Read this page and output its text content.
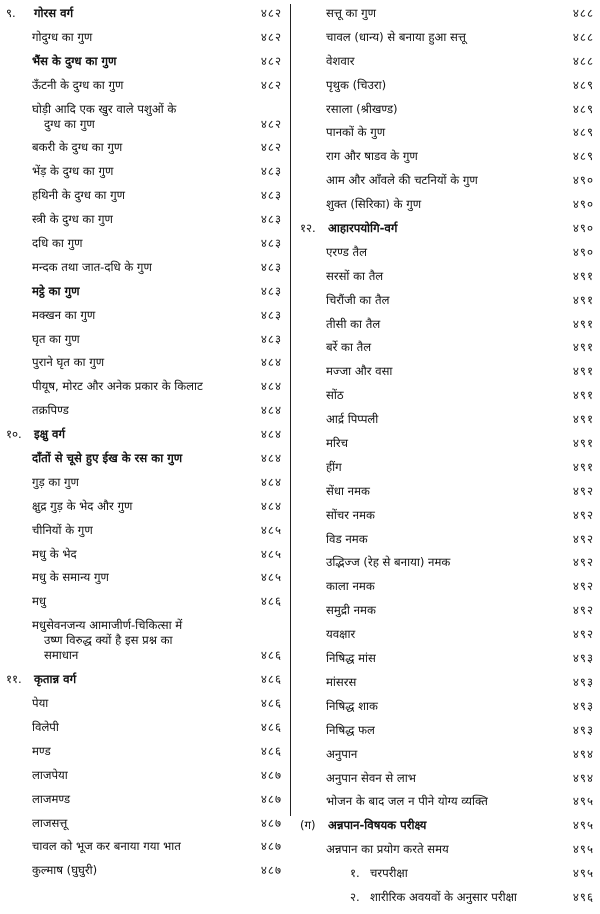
९.	गोरस वर्ग	४८२
गोदुग्ध का गुण	४८२
भैंस के दुग्ध का गुण	४८२
ऊँटनी के दुग्ध का गुण	४८२
घोड़ी आदि एक खुर वाले पशुओं के
दुग्ध का गुण	४८२
बकरी के दुग्ध का गुण	४८२
भेंड़ के दुग्ध का गुण	४८३
हथिनी के दुग्ध का गुण	४८३
स्त्री के दुग्ध का गुण	४८३
दधि का गुण	४८३
मन्दक तथा जात-दधि के गुण	४८३
मट्ठे का गुण	४८३
मक्खन का गुण	४८३
घृत का गुण	४८३
पुराने घृत का गुण	४८४
पीयूष, मोरट और अनेक प्रकार के किलाट	४८४
तक्रपिण्ड	४८४
१०.	इक्षु वर्ग	४८४
दाँतों से चूसे हुए ईख के रस का गुण	४८४
गुड़ का गुण	४८४
क्षुद्र गुड़ के भेद और गुण	४८४
चीनियों के गुण	४८५
मधु के भेद	४८५
मधु के समान्य गुण	४८५
मधु	४८६
मधुसेवनजन्य आमाजीर्ण-चिकित्सा में
उष्ण विरुद्ध क्यों है इस प्रश्न का
समाधान	४८६
११.	कृतान्न वर्ग	४८६
पेया	४८६
विलेपी	४८६
मण्ड	४८६
लाजपेया	४८७
लाजमण्ड	४८७
लाजसत्तू	४८७
चावल को भूज कर बनाया गया भात	४८७
कुल्माष (घुघुरी)	४८७
सत्तू का गुण	४८८
चावल (धान्य) से बनाया हुआ सत्तू	४८८
वेशवार	४८८
पृथुक (चिउरा)	४८९
रसाला (श्रीखण्ड)	४८९
पानकों के गुण	४८९
राग और षाडव के गुण	४८९
आम और आँवले की चटनियों के गुण	४९०
शुक्त (सिरिका) के गुण	४९०
१२.	आहारपयोगि-वर्ग	४९०
एरण्ड तैल	४९०
सरसों का तैल	४९१
चिरौंजी का तैल	४९१
तीसी का तैल	४९१
बर्रे का तैल	४९१
मज्जा और वसा	४९१
सोंठ	४९१
आर्द्र पिप्पली	४९१
मरिच	४९१
हींग	४९१
सेंधा नमक	४९२
सोंचर नमक	४९२
विड नमक	४९२
उद्भिज्ज (रेह से बनाया) नमक	४९२
काला नमक	४९२
समुद्री नमक	४९२
यवक्षार	४९२
निषिद्ध मांस	४९३
मांसरस	४९३
निषिद्ध शाक	४९३
निषिद्ध फल	४९३
अनुपान	४९४
अनुपान सेवन से लाभ	४९४
भोजन के बाद जल न पीने योग्य व्यक्ति	४९५
(ग)	अन्नपान-विषयक परीक्ष्य	४९५
अन्नपान का प्रयोग करते समय	४९५
१. चरपरीक्षा	४९५
२. शारीरिक अवयवों के अनुसार परीक्षा	४९६
